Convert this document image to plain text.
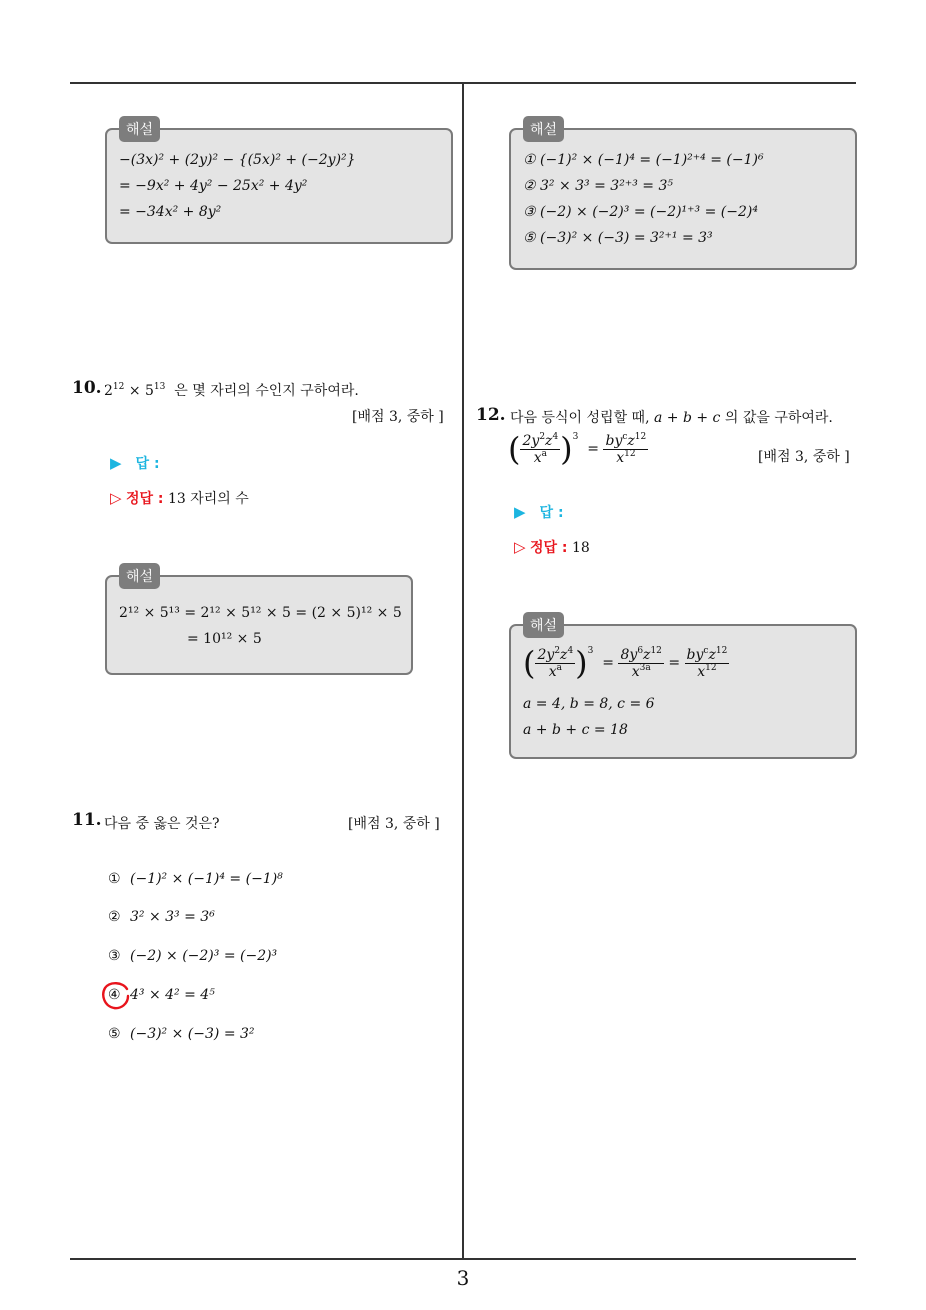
해설
−(3x)² + (2y)² − {(5x)² + (−2y)²}
= −9x² + 4y² − 25x² + 4y²
= −34x² + 8y²
10. $2^{12} \times 5^{13}$ 은 몇 자리의 수인지 구하여라.
[배점 3, 중하 ]
▶ 답 :
▷ 정답 : 13 자리의 수
해설
2¹² × 5¹³ = 2¹² × 5¹² × 5 = (2 × 5)¹² × 5
= 10¹² × 5
11. 다음 중 옳은 것은?	[배점 3, 중하 ]
① (−1)² × (−1)⁴ = (−1)⁸
② 3² × 3³ = 3⁶
③ (−2) × (−2)³ = (−2)³
④ 4³ × 4² = 4⁵
⑤ (−3)² × (−3) = 3²
해설
① (−1)² × (−1)⁴ = (−1)²⁺⁴ = (−1)⁶
② 3² × 3³ = 3²⁺³ = 3⁵
③ (−2) × (−2)³ = (−2)¹⁺³ = (−2)⁴
⑤ (−3)² × (−3) = 3²⁺¹ = 3³
12. 다음 등식이 성립할 때, a + b + c 의 값을 구하여라.
( $\frac{2y^2z^4}{x^a} )^3 = \frac{by^cz^{12}}{x^{12}}$	[배점 3, 중하 ]
▶ 답 :
▷ 정답 : 18
해설
( $\frac{2y^2z^4}{x^a} )^3 = \frac{8y^6z^{12}}{x^{3a}} = \frac{by^cz^{12}}{x^{12}}$
a = 4, b = 8, c = 6
a + b + c = 18
3
